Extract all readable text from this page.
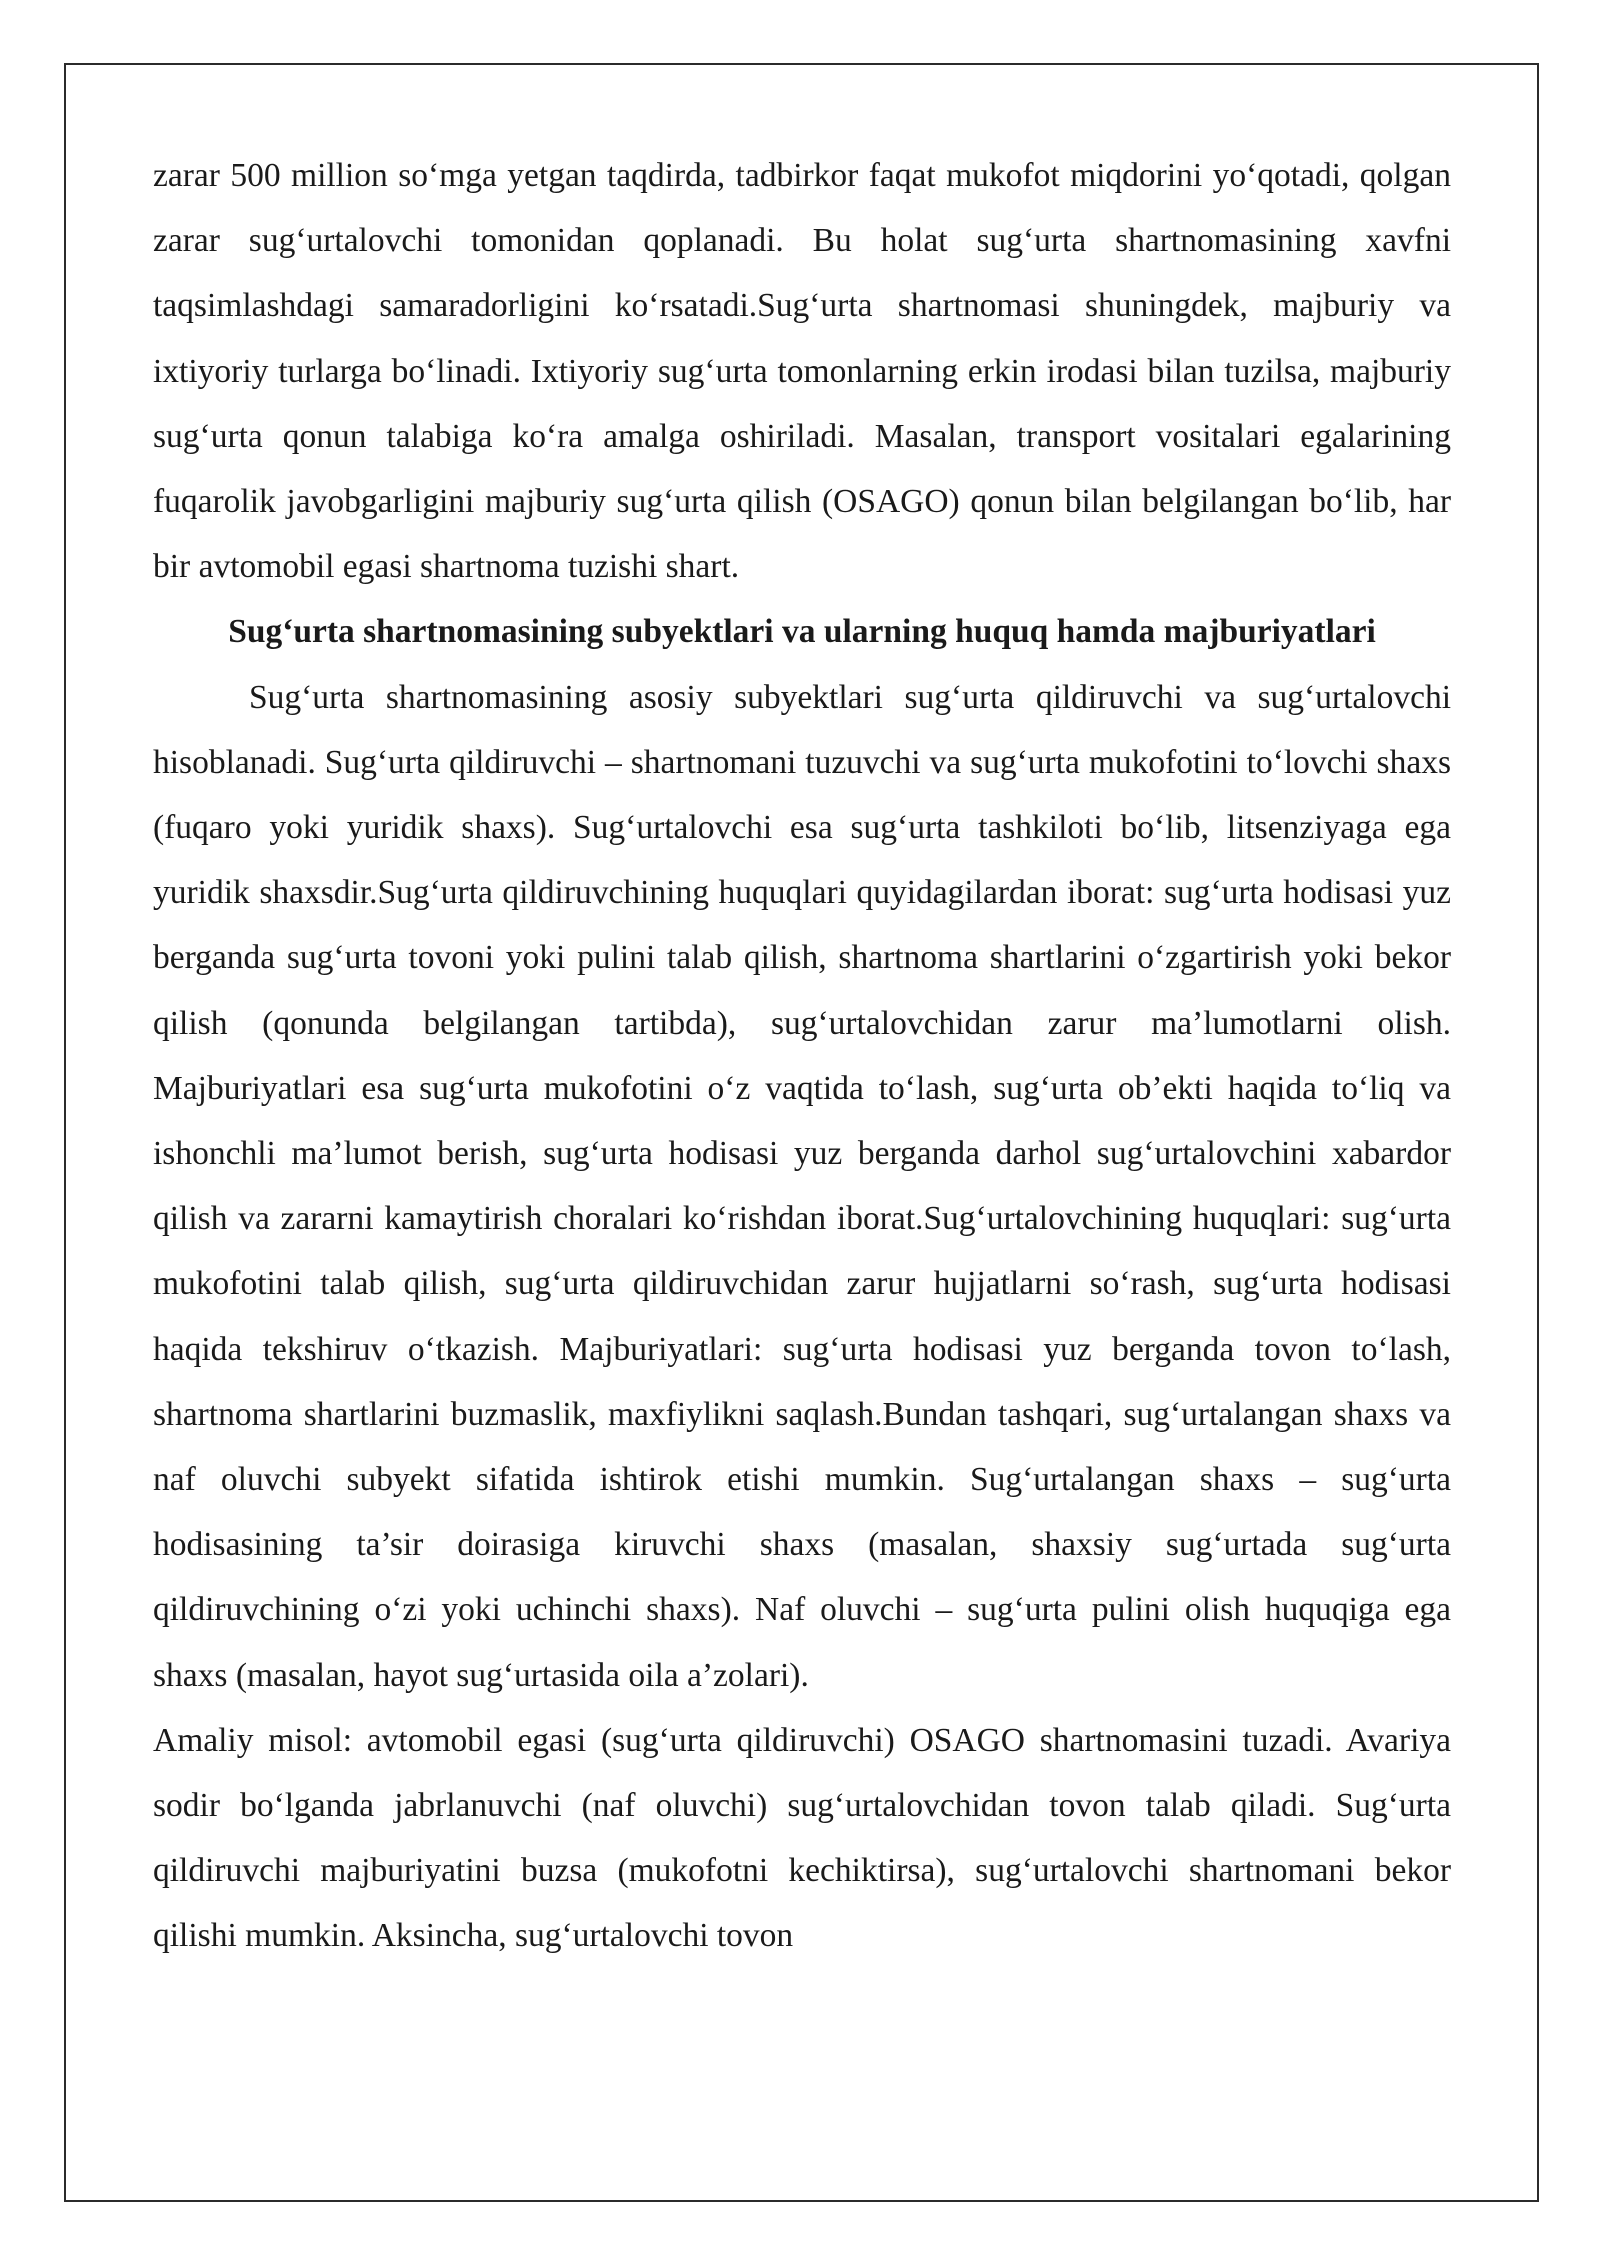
zarar 500 million so‘mga yetgan taqdirda, tadbirkor faqat mukofot miqdorini yo‘qotadi, qolgan zarar sug‘urtalovchi tomonidan qoplanadi. Bu holat sug‘urta shartnomasining xavfni taqsimlashdagi samaradorligini ko‘rsatadi.Sug‘urta shartnomasi shuningdek, majburiy va ixtiyoriy turlarga bo‘linadi. Ixtiyoriy sug‘urta tomonlarning erkin irodasi bilan tuzilsa, majburiy sug‘urta qonun talabiga ko‘ra amalga oshiriladi. Masalan, transport vositalari egalarining fuqarolik javobgarligini majburiy sug‘urta qilish (OSAGO) qonun bilan belgilangan bo‘lib, har bir avtomobil egasi shartnoma tuzishi shart.

Sug‘urta shartnomasining subyektlari va ularning huquq hamda majburiyatlari

Sug‘urta shartnomasining asosiy subyektlari sug‘urta qildiruvchi va sug‘urtalovchi hisoblanadi. Sug‘urta qildiruvchi – shartnomani tuzuvchi va sug‘urta mukofotini to‘lovchi shaxs (fuqaro yoki yuridik shaxs). Sug‘urtalovchi esa sug‘urta tashkiloti bo‘lib, litsenziyaga ega yuridik shaxsdir.Sug‘urta qildiruvchining huquqlari quyidagilardan iborat: sug‘urta hodisasi yuz berganda sug‘urta tovoni yoki pulini talab qilish, shartnoma shartlarini o‘zgartirish yoki bekor qilish (qonunda belgilangan tartibda), sug‘urtalovchidan zarur ma’lumotlarni olish. Majburiyatlari esa sug‘urta mukofotini o‘z vaqtida to‘lash, sug‘urta ob’ekti haqida to‘liq va ishonchli ma’lumot berish, sug‘urta hodisasi yuz berganda darhol sug‘urtalovchini xabardor qilish va zararni kamaytirish choralari ko‘rishdan iborat.Sug‘urtalovchining huquqlari: sug‘urta mukofotini talab qilish, sug‘urta qildiruvchidan zarur hujjatlarni so‘rash, sug‘urta hodisasi haqida tekshiruv o‘tkazish. Majburiyatlari: sug‘urta hodisasi yuz berganda tovon to‘lash, shartnoma shartlarini buzmaslik, maxfiylikni saqlash.Bundan tashqari, sug‘urtalangan shaxs va naf oluvchi subyekt sifatida ishtirok etishi mumkin. Sug‘urtalangan shaxs – sug‘urta hodisasining ta’sir doirasiga kiruvchi shaxs (masalan, shaxsiy sug‘urtada sug‘urta qildiruvchining o‘zi yoki uchinchi shaxs). Naf oluvchi – sug‘urta pulini olish huquqiga ega shaxs (masalan, hayot sug‘urtasida oila a’zolari).

Amaliy misol: avtomobil egasi (sug‘urta qildiruvchi) OSAGO shartnomasini tuzadi. Avariya sodir bo‘lganda jabrlanuvchi (naf oluvchi) sug‘urtalovchidan tovon talab qiladi. Sug‘urta qildiruvchi majburiyatini buzsa (mukofotni kechiktirsa), sug‘urtalovchi shartnomani bekor qilishi mumkin. Aksincha, sug‘urtalovchi tovon
